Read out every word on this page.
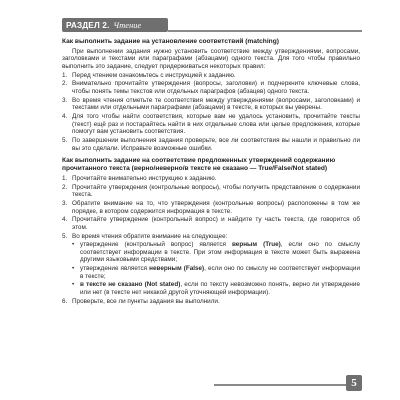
РАЗДЕЛ 2. Чтение
Как выполнить задание на установление соответствий (matching)
При выполнении задания нужно установить соответствие между утверждениями, вопросами, заголовками и текстами или параграфами (абзацами) одного текста. Для того чтобы правильно выполнить это задание, следует придерживаться некоторых правил:
1. Перед чтением ознакомьтесь с инструкцией к заданию.
2. Внимательно прочитайте утверждения (вопросы, заголовки) и подчеркните ключевые слова, чтобы понять темы текстов или отдельных параграфов (абзацев) одного текста.
3. Во время чтения отметьте те соответствия между утверждениями (вопросами, заголовками) и текстами или отдельными параграфами (абзацами) в тексте, в которых вы уверены.
4. Для того чтобы найти соответствия, которые вам не удалось установить, прочитайте тексты (текст) ещё раз и постарайтесь найти в них отдельные слова или целые предложения, которые помогут вам установить соответствия.
5. По завершении выполнения задания проверьте, все ли соответствия вы нашли и правильно ли вы это сделали. Исправьте возможные ошибки.
Как выполнить задание на соответствие предложенных утверждений содержанию прочитанного текста (верно/неверно/в тексте не сказано — True/False/Not stated)
1. Прочитайте внимательно инструкцию к заданию.
2. Прочитайте утверждения (контрольные вопросы), чтобы получить представление о содержании текста.
3. Обратите внимание на то, что утверждения (контрольные вопросы) расположены в том же порядке, в котором содержится информация в тексте.
4. Прочитайте утверждение (контрольный вопрос) и найдите ту часть текста, где говорится об этом.
5. Во время чтения обратите внимание на следующее:
• утверждение (контрольный вопрос) является верным (True), если оно по смыслу соответствует информации в тексте. При этом информация в тексте может быть выражена другими языковыми средствами;
• утверждение является неверным (False), если оно по смыслу не соответствует информации в тексте;
• в тексте не сказано (Not stated), если по тексту невозможно понять, верно ли утверждение или нет (в тексте нет никакой другой уточняющей информации).
6. Проверьте, все ли пункты задания вы выполнили.
5
